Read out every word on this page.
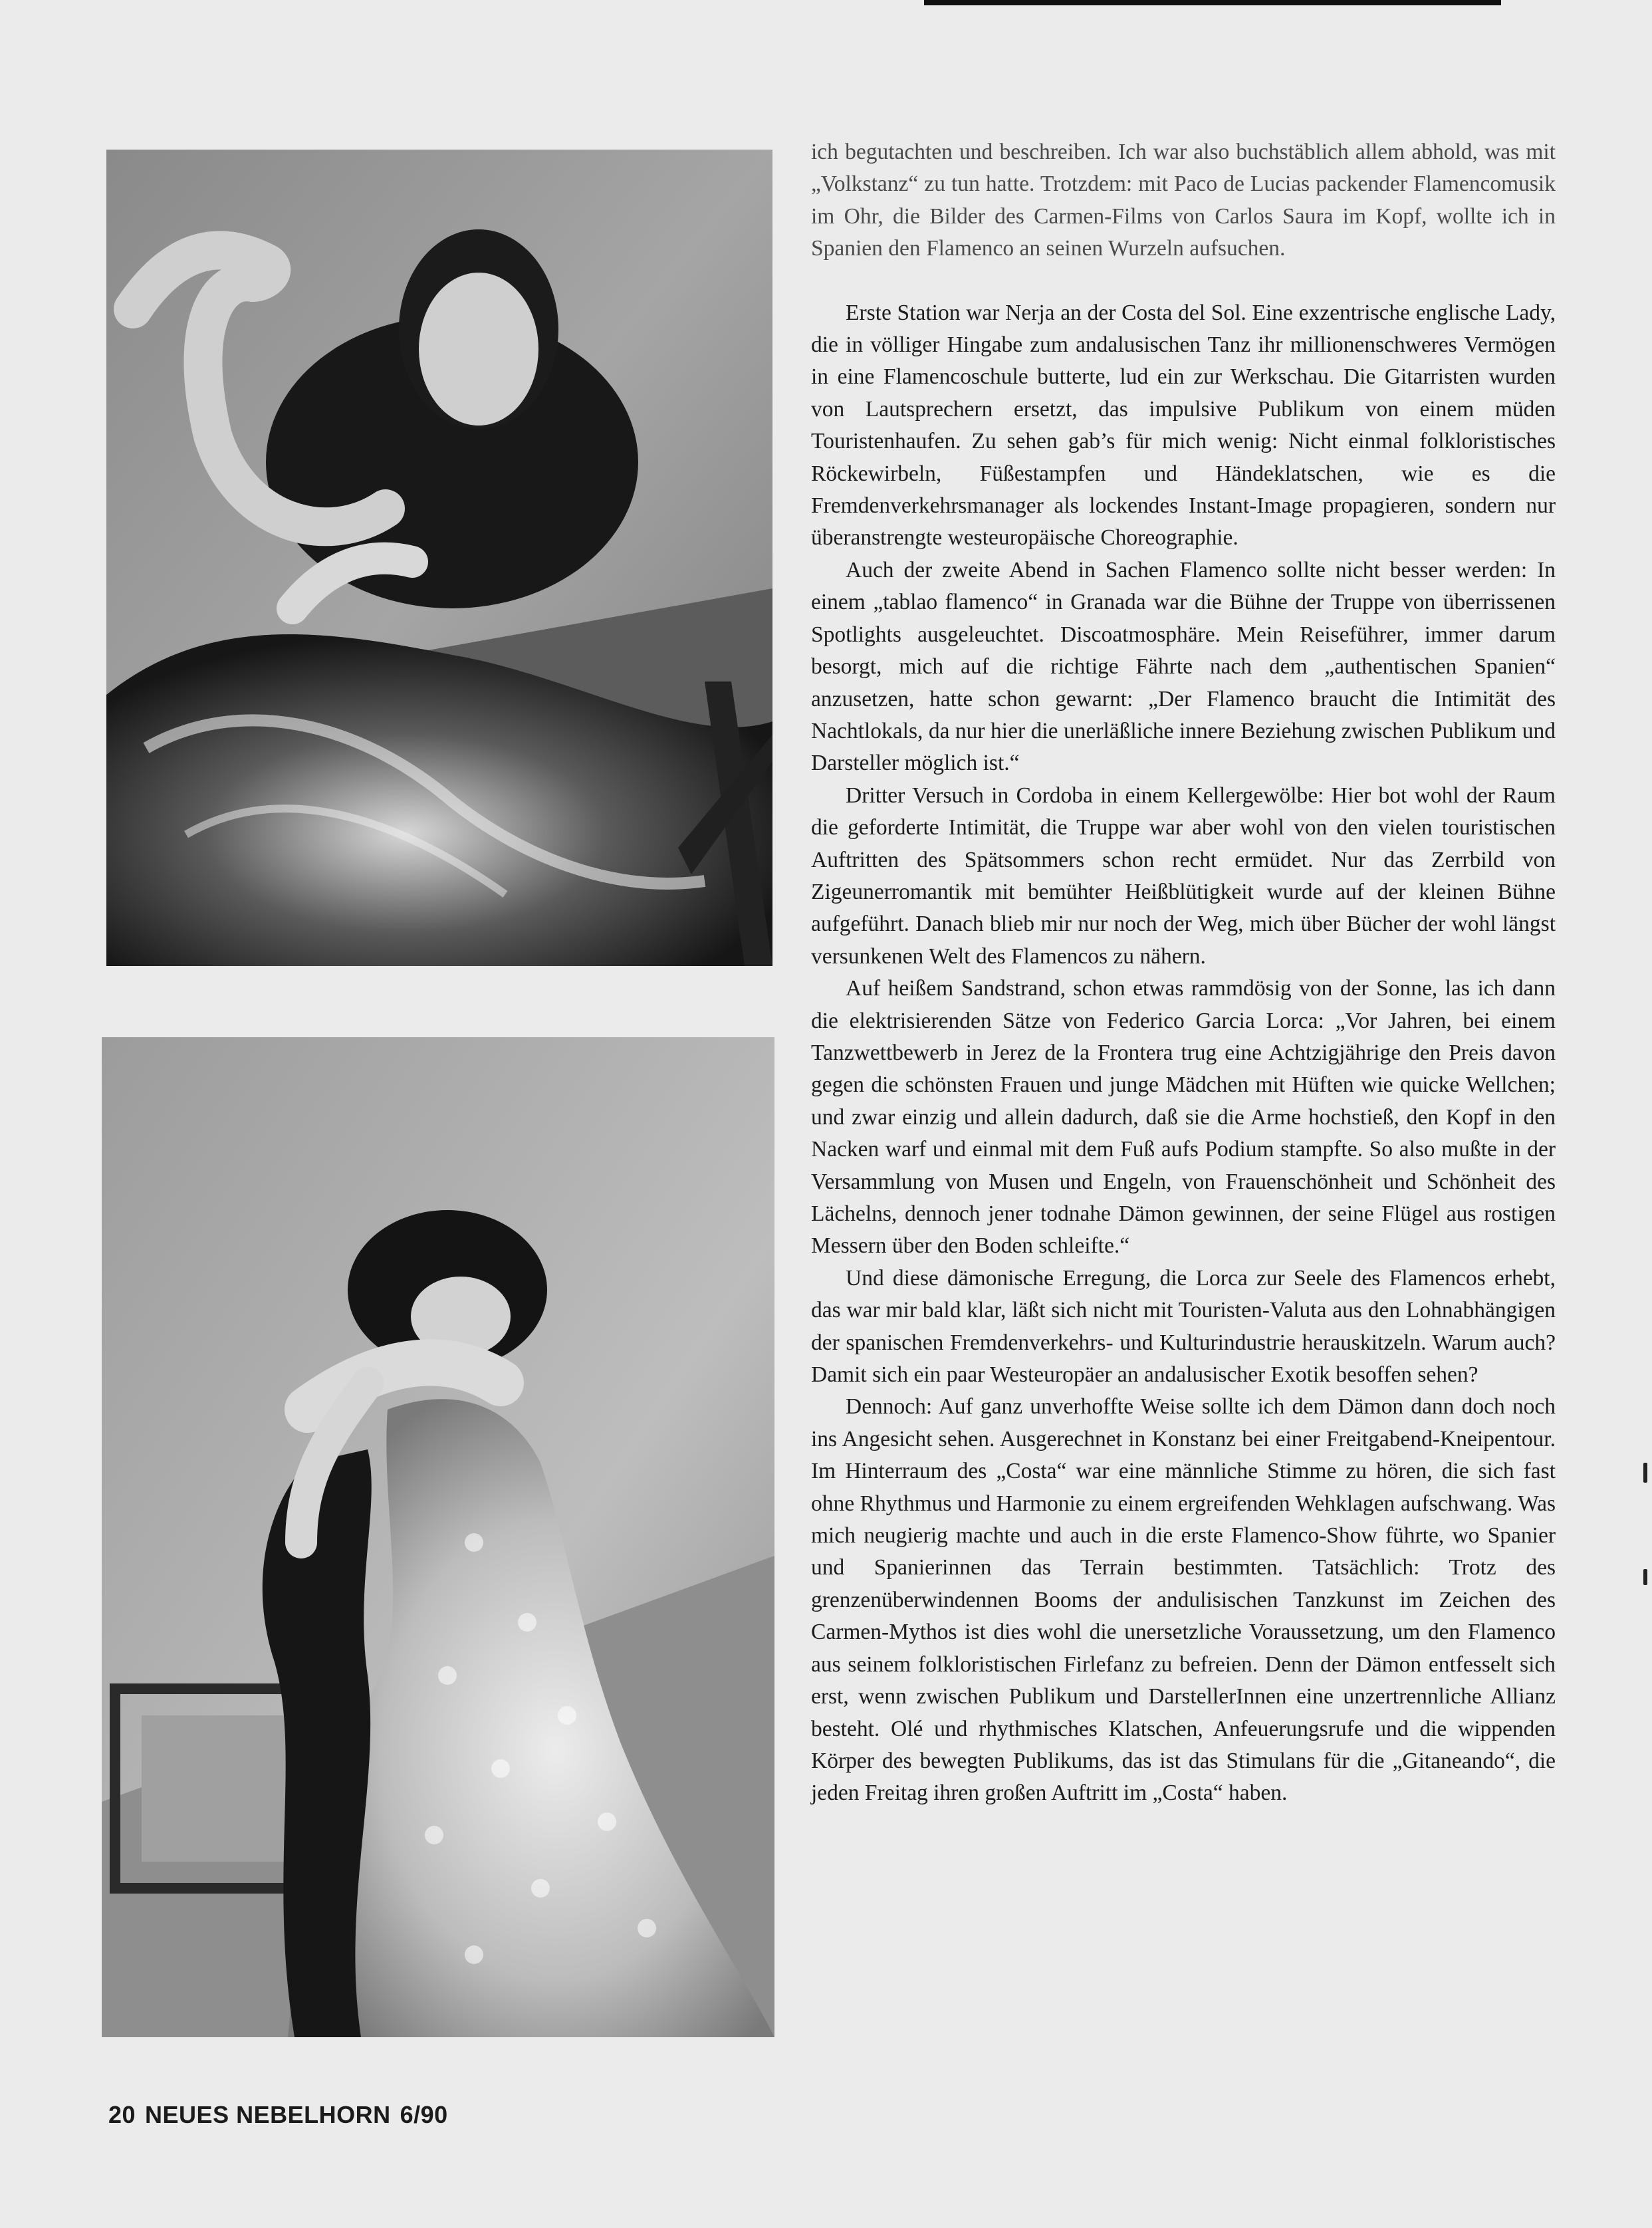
ich begutachten und beschreiben. Ich war also buchstäblich allem abhold, was mit „Volkstanz“ zu tun hatte. Trotzdem: mit Paco de Lucias packender Flamencomusik im Ohr, die Bilder des Carmen-Films von Carlos Saura im Kopf, wollte ich in Spanien den Flamenco an seinen Wurzeln aufsuchen.

Erste Station war Nerja an der Costa del Sol. Eine exzentrische englische Lady, die in völliger Hingabe zum andalusischen Tanz ihr millionenschweres Vermögen in eine Flamencoschule butterte, lud ein zur Werkschau. Die Gitarristen wurden von Lautsprechern ersetzt, das impulsive Publikum von einem müden Touristenhaufen. Zu sehen gab’s für mich wenig: Nicht einmal folkloristisches Röckewirbeln, Füßestampfen und Händeklatschen, wie es die Fremdenverkehrsmanager als lockendes Instant-Image propagieren, sondern nur überanstrengte westeuropäische Choreographie.

Auch der zweite Abend in Sachen Flamenco sollte nicht besser werden: In einem „tablao flamenco“ in Granada war die Bühne der Truppe von überrissenen Spotlights ausgeleuchtet. Discoatmosphäre. Mein Reiseführer, immer darum besorgt, mich auf die richtige Fährte nach dem „authentischen Spanien“ anzusetzen, hatte schon gewarnt: „Der Flamenco braucht die Intimität des Nachtlokals, da nur hier die unerläßliche innere Beziehung zwischen Publikum und Darsteller möglich ist.“

Dritter Versuch in Cordoba in einem Kellergewölbe: Hier bot wohl der Raum die geforderte Intimität, die Truppe war aber wohl von den vielen touristischen Auftritten des Spätsommers schon recht ermüdet. Nur das Zerrbild von Zigeunerromantik mit bemühter Heißblütigkeit wurde auf der kleinen Bühne aufgeführt. Danach blieb mir nur noch der Weg, mich über Bücher der wohl längst versunkenen Welt des Flamencos zu nähern.

Auf heißem Sandstrand, schon etwas rammdösig von der Sonne, las ich dann die elektrisierenden Sätze von Federico Garcia Lorca: „Vor Jahren, bei einem Tanzwettbewerb in Jerez de la Frontera trug eine Achtzigjährige den Preis davon gegen die schönsten Frauen und junge Mädchen mit Hüften wie quicke Wellchen; und zwar einzig und allein dadurch, daß sie die Arme hochstieß, den Kopf in den Nacken warf und einmal mit dem Fuß aufs Podium stampfte. So also mußte in der Versammlung von Musen und Engeln, von Frauenschönheit und Schönheit des Lächelns, dennoch jener todnahe Dämon gewinnen, der seine Flügel aus rostigen Messern über den Boden schleifte.“

Und diese dämonische Erregung, die Lorca zur Seele des Flamencos erhebt, das war mir bald klar, läßt sich nicht mit Touristen-Valuta aus den Lohnabhängigen der spanischen Fremdenverkehrs- und Kulturindustrie herauskitzeln. Warum auch? Damit sich ein paar Westeuropäer an andalusischer Exotik besoffen sehen?

Dennoch: Auf ganz unverhoffte Weise sollte ich dem Dämon dann doch noch ins Angesicht sehen. Ausgerechnet in Konstanz bei einer Freitgabend-Kneipentour. Im Hinterraum des „Costa“ war eine männliche Stimme zu hören, die sich fast ohne Rhythmus und Harmonie zu einem ergreifenden Wehklagen aufschwang. Was mich neugierig machte und auch in die erste Flamenco-Show führte, wo Spanier und Spanierinnen das Terrain bestimmten. Tatsächlich: Trotz des grenzenüberwindennen Booms der andulisischen Tanzkunst im Zeichen des Carmen-Mythos ist dies wohl die unersetzliche Voraussetzung, um den Flamenco aus seinem folkloristischen Firlefanz zu befreien. Denn der Dämon entfesselt sich erst, wenn zwischen Publikum und DarstellerInnen eine unzertrennliche Allianz besteht. Olé und rhythmisches Klatschen, Anfeuerungsrufe und die wippenden Körper des bewegten Publikums, das ist das Stimulans für die „Gitaneando“, die jeden Freitag ihren großen Auftritt im „Costa“ haben.

20 NEUES NEBELHORN 6/90
